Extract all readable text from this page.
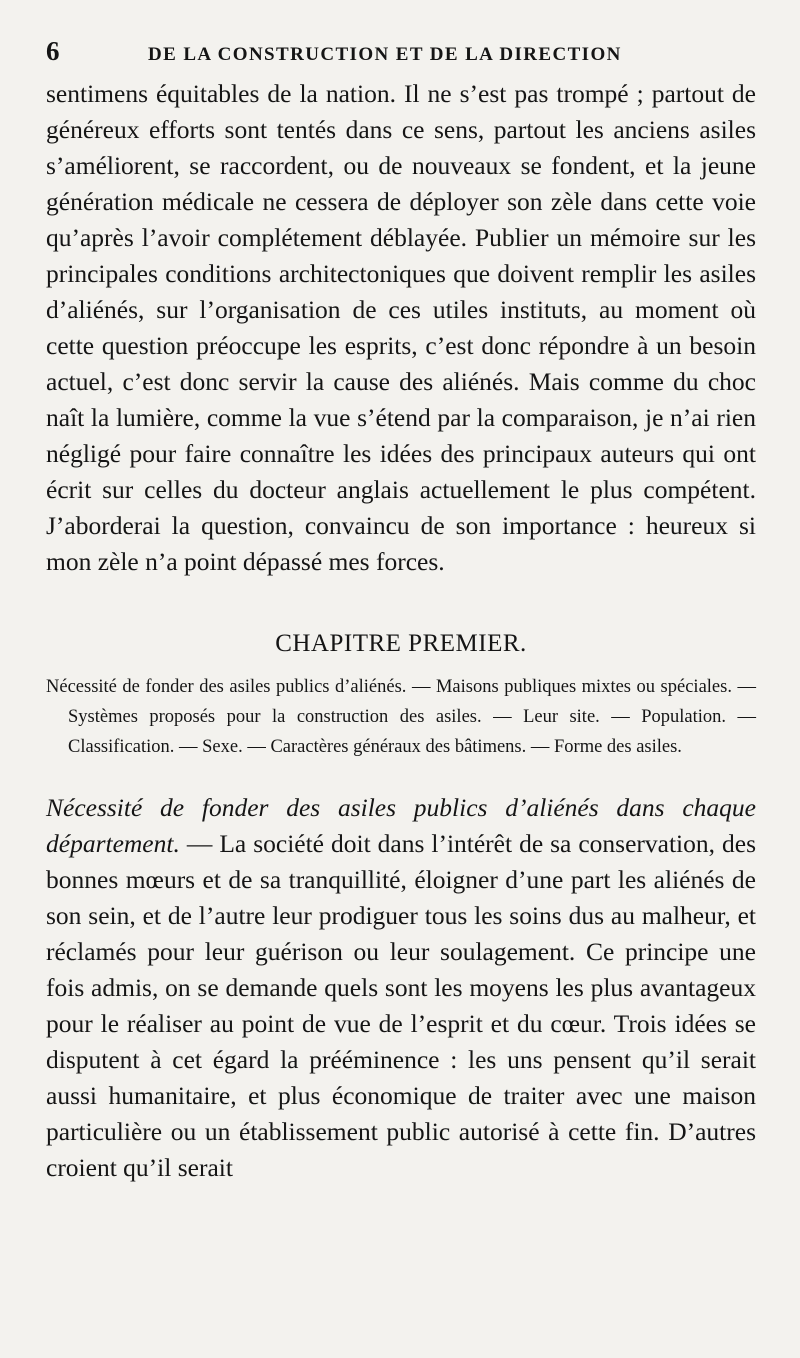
6	DE LA CONSTRUCTION ET DE LA DIRECTION

sentimens équitables de la nation. Il ne s’est pas trompé ; partout de généreux efforts sont tentés dans ce sens, partout les anciens asiles s’améliorent, se raccordent, ou de nouveaux se fondent, et la jeune génération médicale ne cessera de déployer son zèle dans cette voie qu’après l’avoir complétement déblayée. Publier un mémoire sur les principales conditions architectoniques que doivent remplir les asiles d’aliénés, sur l’organisation de ces utiles instituts, au moment où cette question préoccupe les esprits, c’est donc répondre à un besoin actuel, c’est donc servir la cause des aliénés. Mais comme du choc naît la lumière, comme la vue s’étend par la comparaison, je n’ai rien négligé pour faire connaître les idées des principaux auteurs qui ont écrit sur celles du docteur anglais actuellement le plus compétent. J’aborderai la question, convaincu de son importance : heureux si mon zèle n’a point dépassé mes forces.

CHAPITRE PREMIER.

Nécessité de fonder des asiles publics d’aliénés. — Maisons publiques mixtes ou spéciales. — Systèmes proposés pour la construction des asiles. — Leur site. — Population. — Classification. — Sexe. — Caractères généraux des bâtimens. — Forme des asiles.

Nécessité de fonder des asiles publics d’aliénés dans chaque département. — La société doit dans l’intérêt de sa conservation, des bonnes mœurs et de sa tranquillité, éloigner d’une part les aliénés de son sein, et de l’autre leur prodiguer tous les soins dus au malheur, et réclamés pour leur guérison ou leur soulagement. Ce principe une fois admis, on se demande quels sont les moyens les plus avantageux pour le réaliser au point de vue de l’esprit et du cœur. Trois idées se disputent à cet égard la prééminence : les uns pensent qu’il serait aussi humanitaire, et plus économique de traiter avec une maison particulière ou un établissement public autorisé à cette fin. D’autres croient qu’il serait
